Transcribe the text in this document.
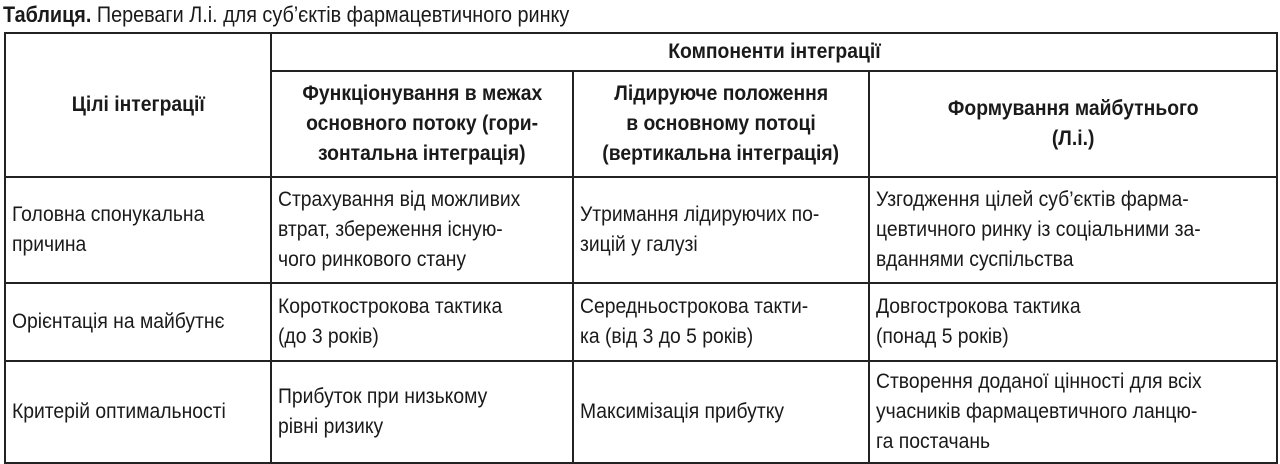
Таблиця. Переваги Л.і. для суб’єктів фармацевтичного ринку
Цілі інтеграції	Компоненти інтеграції		

	Функціонування в межах
основного потоку (гори-
зонтальна інтеграція)	Лідируюче положення
в основному потоці
(вертикальна інтеграція)	Формування майбутнього
(Л.і.)

Головна спонукальна
причина	Страхування від можливих
втрат, збереження існую-
чого ринкового стану	Утримання лідируючих по-
зицій у галузі	Узгодження цілей суб’єктів фарма-
цевтичного ринку із соціальними за-
вданнями суспільства

Орієнтація на майбутнє	Короткострокова тактика
(до 3 років)	Середньострокова такти-
ка (від 3 до 5 років)	Довгострокова тактика
(понад 5 років)

Критерій оптимальності	Прибуток при низькому
рівні ризику	Максимізація прибутку	Створення доданої цінності для всіх
учасників фармацевтичного ланцю-
га постачань
